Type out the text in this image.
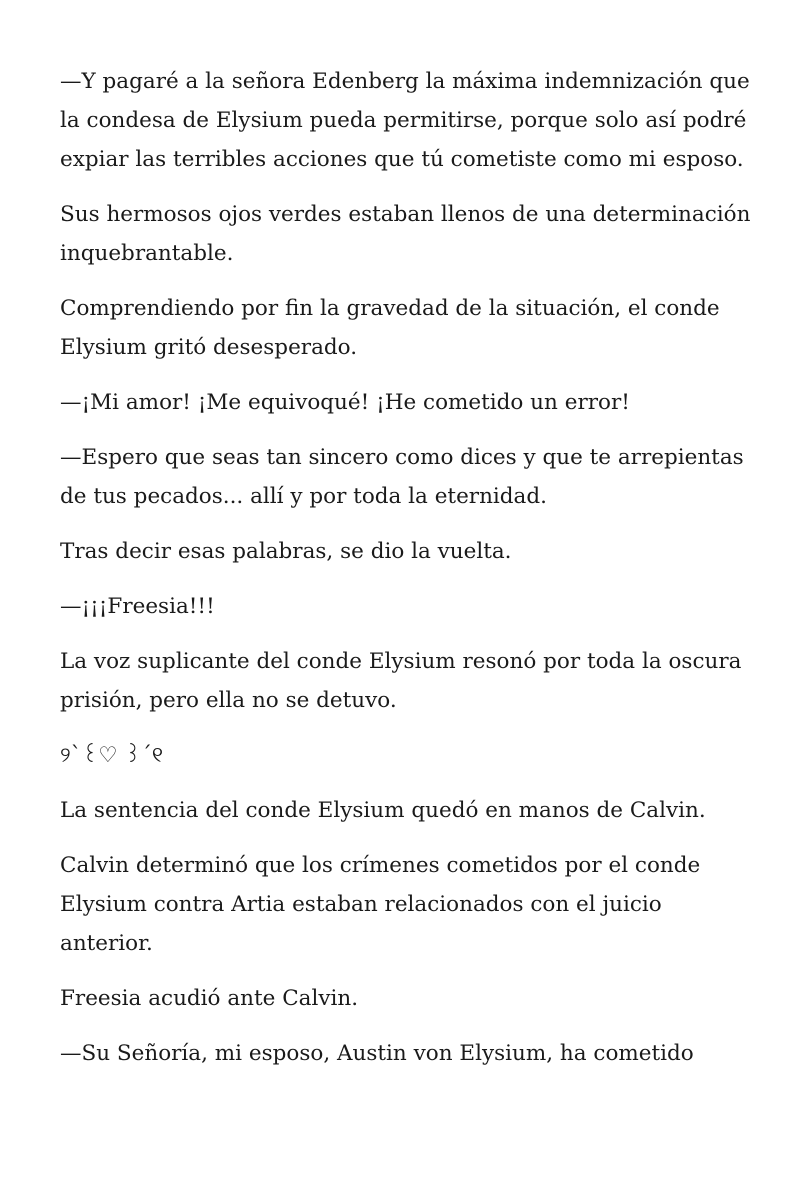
—Y pagaré a la señora Edenberg la máxima indemnización que la condesa de Elysium pueda permitirse, porque solo así podré expiar las terribles acciones que tú cometiste como mi esposo.

Sus hermosos ojos verdes estaban llenos de una determinación inquebrantable.

Comprendiendo por fin la gravedad de la situación, el conde Elysium gritó desesperado.

—¡Mi amor! ¡Me equivoqué! ¡He cometido un error!

—Espero que seas tan sincero como dices y que te arrepientas de tus pecados... allí y por toda la eternidad.

Tras decir esas palabras, se dio la vuelta.

—¡¡¡Freesia!!!

La voz suplicante del conde Elysium resonó por toda la oscura prisión, pero ella no se detuvo.

୨`꒰♡ ꒱´୧

La sentencia del conde Elysium quedó en manos de Calvin.

Calvin determinó que los crímenes cometidos por el conde Elysium contra Artia estaban relacionados con el juicio anterior.

Freesia acudió ante Calvin.

—Su Señoría, mi esposo, Austin von Elysium, ha cometido
